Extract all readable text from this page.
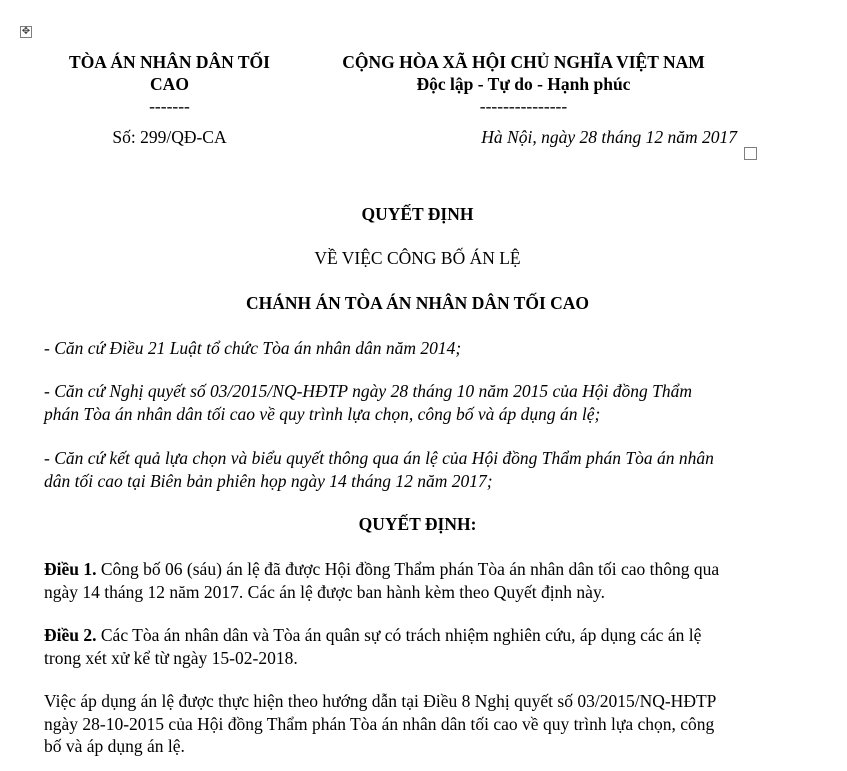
✥
TÒA ÁN NHÂN DÂN TỐI
CAO
-------
CỘNG HÒA XÃ HỘI CHỦ NGHĨA VIỆT NAM
Độc lập - Tự do - Hạnh phúc
---------------
Số: 299/QĐ-CA	Hà Nội, ngày 28 tháng 12 năm 2017
QUYẾT ĐỊNH
VỀ VIỆC CÔNG BỐ ÁN LỆ
CHÁNH ÁN TÒA ÁN NHÂN DÂN TỐI CAO
- Căn cứ Điều 21 Luật tổ chức Tòa án nhân dân năm 2014;
- Căn cứ Nghị quyết số 03/2015/NQ-HĐTP ngày 28 tháng 10 năm 2015 của Hội đồng Thẩm
phán Tòa án nhân dân tối cao về quy trình lựa chọn, công bố và áp dụng án lệ;
- Căn cứ kết quả lựa chọn và biểu quyết thông qua án lệ của Hội đồng Thẩm phán Tòa án nhân
dân tối cao tại Biên bản phiên họp ngày 14 tháng 12 năm 2017;
QUYẾT ĐỊNH:
Điều 1. Công bố 06 (sáu) án lệ đã được Hội đồng Thẩm phán Tòa án nhân dân tối cao thông qua
ngày 14 tháng 12 năm 2017. Các án lệ được ban hành kèm theo Quyết định này.
Điều 2. Các Tòa án nhân dân và Tòa án quân sự có trách nhiệm nghiên cứu, áp dụng các án lệ
trong xét xử kể từ ngày 15-02-2018.
Việc áp dụng án lệ được thực hiện theo hướng dẫn tại Điều 8 Nghị quyết số 03/2015/NQ-HĐTP
ngày 28-10-2015 của Hội đồng Thẩm phán Tòa án nhân dân tối cao về quy trình lựa chọn, công
bố và áp dụng án lệ.
